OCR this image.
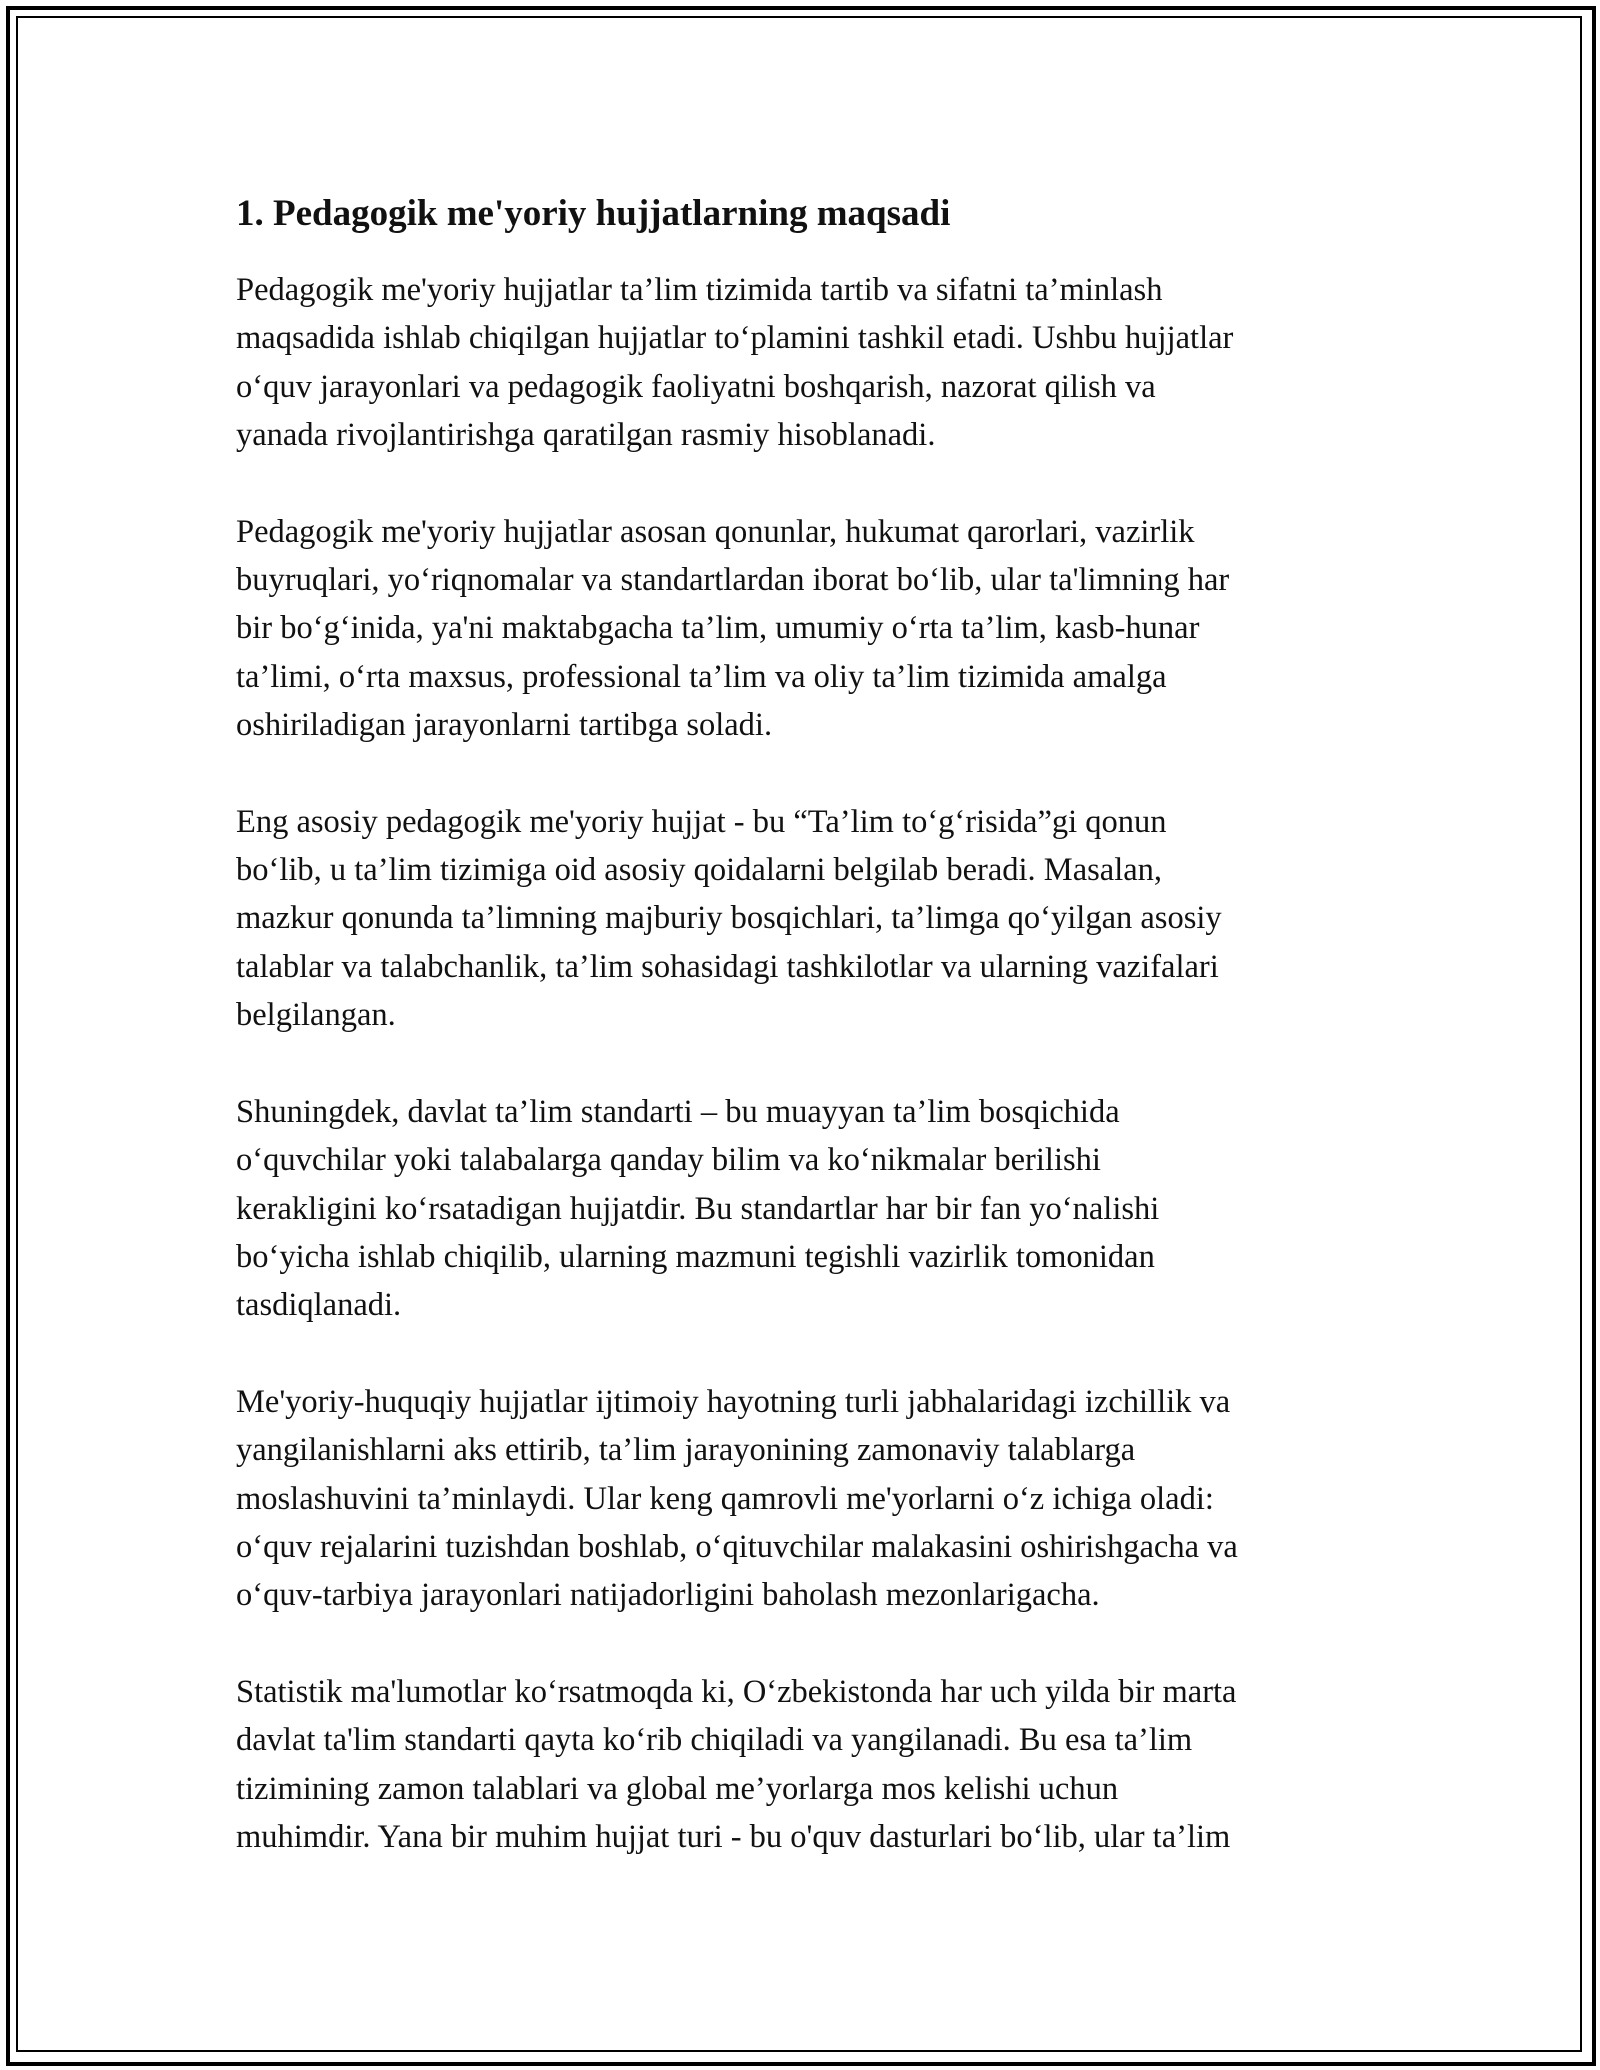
1. Pedagogik me'yoriy hujjatlarning maqsadi

Pedagogik me'yoriy hujjatlar ta’lim tizimida tartib va sifatni ta’minlash
maqsadida ishlab chiqilgan hujjatlar to‘plamini tashkil etadi. Ushbu hujjatlar
o‘quv jarayonlari va pedagogik faoliyatni boshqarish, nazorat qilish va
yanada rivojlantirishga qaratilgan rasmiy hisoblanadi.

Pedagogik me'yoriy hujjatlar asosan qonunlar, hukumat qarorlari, vazirlik
buyruqlari, yo‘riqnomalar va standartlardan iborat bo‘lib, ular ta'limning har
bir bo‘g‘inida, ya'ni maktabgacha ta’lim, umumiy o‘rta ta’lim, kasb-hunar
ta’limi, o‘rta maxsus, professional ta’lim va oliy ta’lim tizimida amalga
oshiriladigan jarayonlarni tartibga soladi.

Eng asosiy pedagogik me'yoriy hujjat - bu “Ta’lim to‘g‘risida”gi qonun
bo‘lib, u ta’lim tizimiga oid asosiy qoidalarni belgilab beradi. Masalan,
mazkur qonunda ta’limning majburiy bosqichlari, ta’limga qo‘yilgan asosiy
talablar va talabchanlik, ta’lim sohasidagi tashkilotlar va ularning vazifalari
belgilangan.

Shuningdek, davlat ta’lim standarti – bu muayyan ta’lim bosqichida
o‘quvchilar yoki talabalarga qanday bilim va ko‘nikmalar berilishi
kerakligini ko‘rsatadigan hujjatdir. Bu standartlar har bir fan yo‘nalishi
bo‘yicha ishlab chiqilib, ularning mazmuni tegishli vazirlik tomonidan
tasdiqlanadi.

Me'yoriy-huquqiy hujjatlar ijtimoiy hayotning turli jabhalaridagi izchillik va
yangilanishlarni aks ettirib, ta’lim jarayonining zamonaviy talablarga
moslashuvini ta’minlaydi. Ular keng qamrovli me'yorlarni o‘z ichiga oladi:
o‘quv rejalarini tuzishdan boshlab, o‘qituvchilar malakasini oshirishgacha va
o‘quv-tarbiya jarayonlari natijadorligini baholash mezonlarigacha.

Statistik ma'lumotlar ko‘rsatmoqda ki, O‘zbekistonda har uch yilda bir marta
davlat ta'lim standarti qayta ko‘rib chiqiladi va yangilanadi. Bu esa ta’lim
tizimining zamon talablari va global me’yorlarga mos kelishi uchun
muhimdir. Yana bir muhim hujjat turi - bu o'quv dasturlari bo‘lib, ular ta’lim
